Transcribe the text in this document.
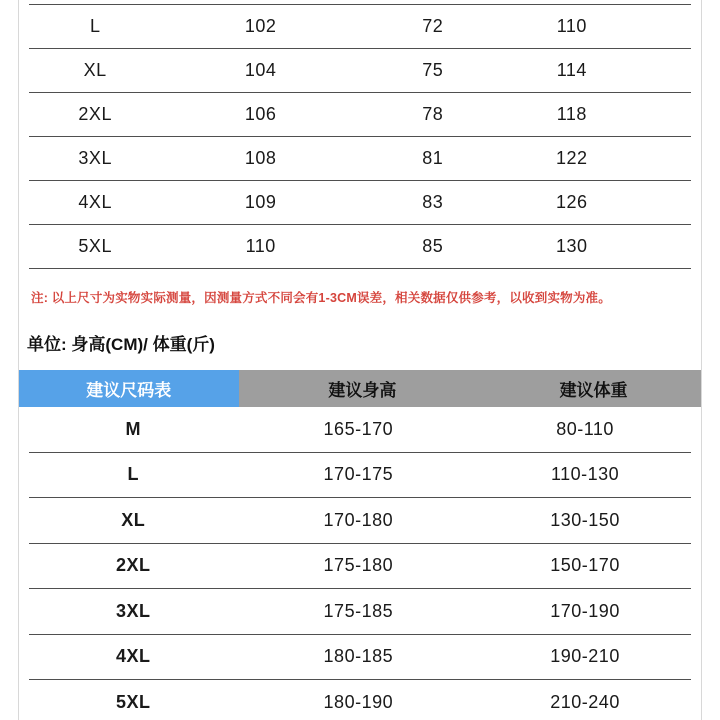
L	102	72	110
XL	104	75	114
2XL	106	78	118
3XL	108	81	122
4XL	109	83	126
5XL	110	85	130

注: 以上尺寸为实物实际测量，因测量方式不同会有1-3CM误差，相关数据仅供参考，以收到实物为准。

单位: 身高(CM)/ 体重(斤)

建议尺码表	建议身高	建议体重
M	165-170	80-110
L	170-175	110-130
XL	170-180	130-150
2XL	175-180	150-170
3XL	175-185	170-190
4XL	180-185	190-210
5XL	180-190	210-240
